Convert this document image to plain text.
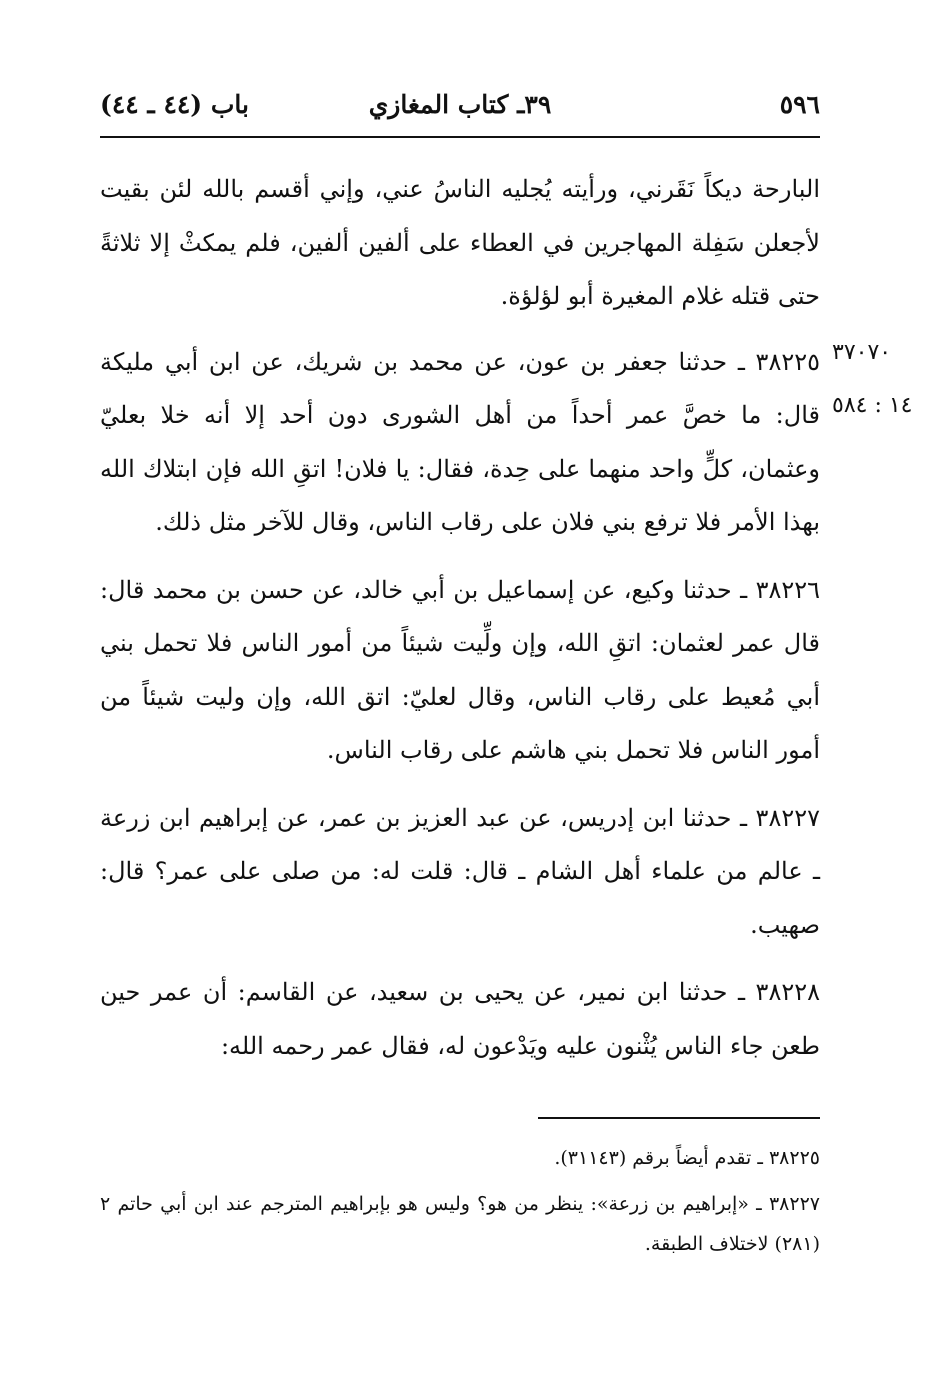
٥٩٦
٣٩ـ كتاب المغازي
باب (٤٤ ـ ٤٤)
٣٧٠٧٠
١٤ : ٥٨٤

البارحة ديكاً نَقَرني، ورأيته يُجليه الناسُ عني، وإني أقسم بالله لئن بقيت لأجعلن سَفِلة المهاجرين في العطاء على ألفين ألفين، فلم يمكثْ إلا ثلاثةً حتى قتله غلام المغيرة أبو لؤلؤة.

٣٨٢٢٥ ـ حدثنا جعفر بن عون، عن محمد بن شريك، عن ابن أبي مليكة قال: ما خصَّ عمر أحداً من أهل الشورى دون أحد إلا أنه خلا بعليّ وعثمان، كلٍّ واحد منهما على حِدة، فقال: يا فلان! اتقِ الله فإن ابتلاك الله بهذا الأمر فلا ترفع بني فلان على رقاب الناس، وقال للآخر مثل ذلك.

٣٨٢٢٦ ـ حدثنا وكيع، عن إسماعيل بن أبي خالد، عن حسن بن محمد قال: قال عمر لعثمان: اتقِ الله، وإن ولِّيت شيئاً من أمور الناس فلا تحمل بني أبي مُعيط على رقاب الناس، وقال لعليّ: اتق الله، وإن وليت شيئاً من أمور الناس فلا تحمل بني هاشم على رقاب الناس.

٣٨٢٢٧ ـ حدثنا ابن إدريس، عن عبد العزيز بن عمر، عن إبراهيم ابن زرعة ـ عالم من علماء أهل الشام ـ قال: قلت له: من صلى على عمر؟ قال: صهيب.

٣٨٢٢٨ ـ حدثنا ابن نمير، عن يحيى بن سعيد، عن القاسم: أن عمر حين طعن جاء الناس يُثْنون عليه ويَدْعون له، فقال عمر رحمه الله:

٣٨٢٢٥ ـ تقدم أيضاً برقم (٣١١٤٣).

٣٨٢٢٧ ـ «إبراهيم بن زرعة»: ينظر من هو؟ وليس هو بإبراهيم المترجم عند ابن أبي حاتم ٢ (٢٨١) لاختلاف الطبقة.
